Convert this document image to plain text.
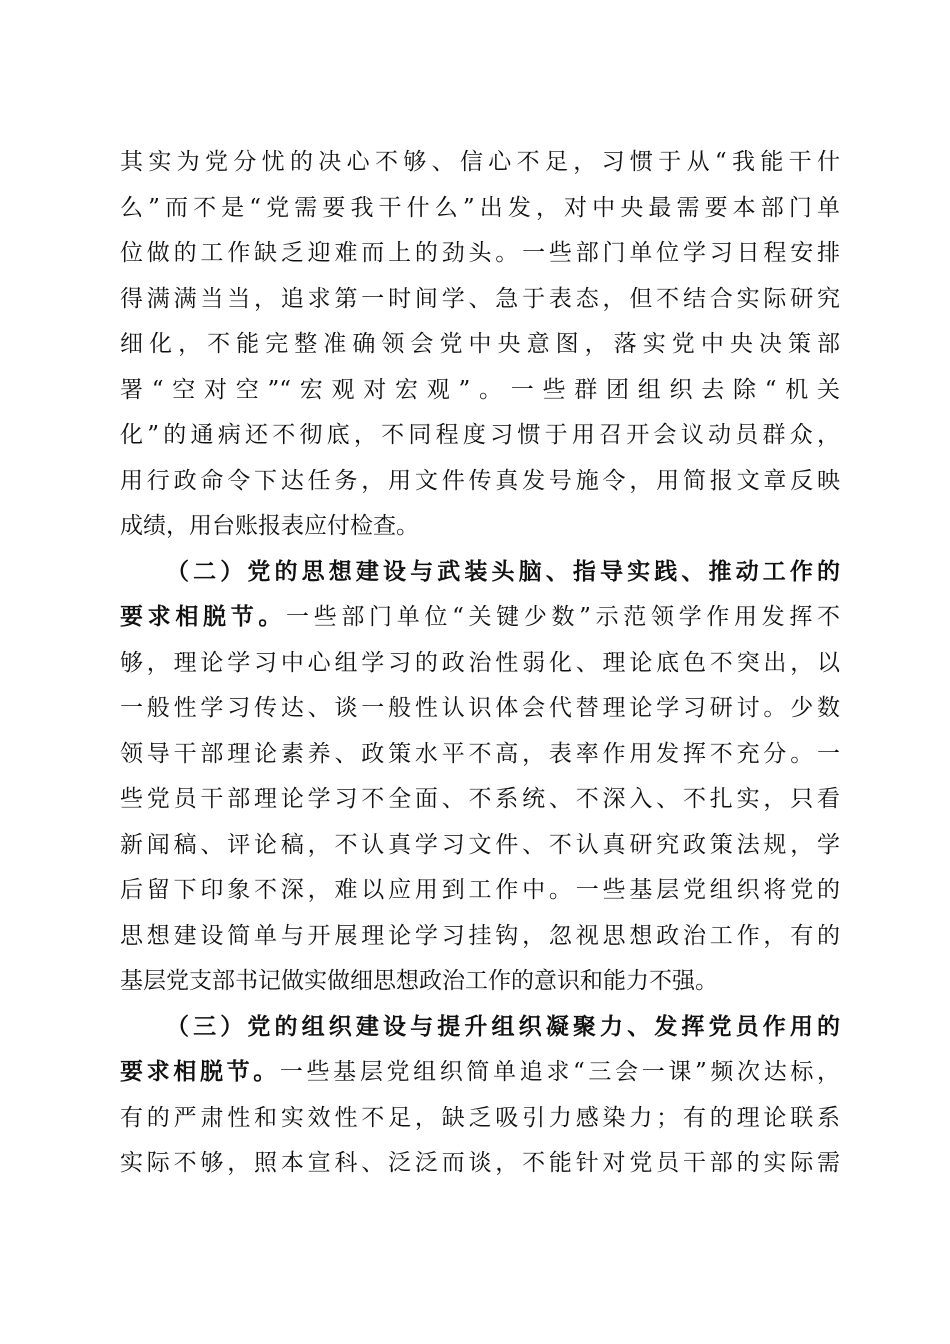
其实为党分忧的决心不够、信心不足，习惯于从“我能干什
么”而不是“党需要我干什么”出发，对中央最需要本部门单
位做的工作缺乏迎难而上的劲头。一些部门单位学习日程安排
得满满当当，追求第一时间学、急于表态，但不结合实际研究
细化，不能完整准确领会党中央意图，落实党中央决策部
署“空对空”“宏观对宏观”。一些群团组织去除“机关
化”的通病还不彻底，不同程度习惯于用召开会议动员群众，
用行政命令下达任务，用文件传真发号施令，用简报文章反映
成绩，用台账报表应付检查。
（二）党的思想建设与武装头脑、指导实践、推动工作的
要求相脱节。一些部门单位“关键少数”示范领学作用发挥不
够，理论学习中心组学习的政治性弱化、理论底色不突出，以
一般性学习传达、谈一般性认识体会代替理论学习研讨。少数
领导干部理论素养、政策水平不高，表率作用发挥不充分。一
些党员干部理论学习不全面、不系统、不深入、不扎实，只看
新闻稿、评论稿，不认真学习文件、不认真研究政策法规，学
后留下印象不深，难以应用到工作中。一些基层党组织将党的
思想建设简单与开展理论学习挂钩，忽视思想政治工作，有的
基层党支部书记做实做细思想政治工作的意识和能力不强。
（三）党的组织建设与提升组织凝聚力、发挥党员作用的
要求相脱节。一些基层党组织简单追求“三会一课”频次达标，
有的严肃性和实效性不足，缺乏吸引力感染力；有的理论联系
实际不够，照本宣科、泛泛而谈，不能针对党员干部的实际需
